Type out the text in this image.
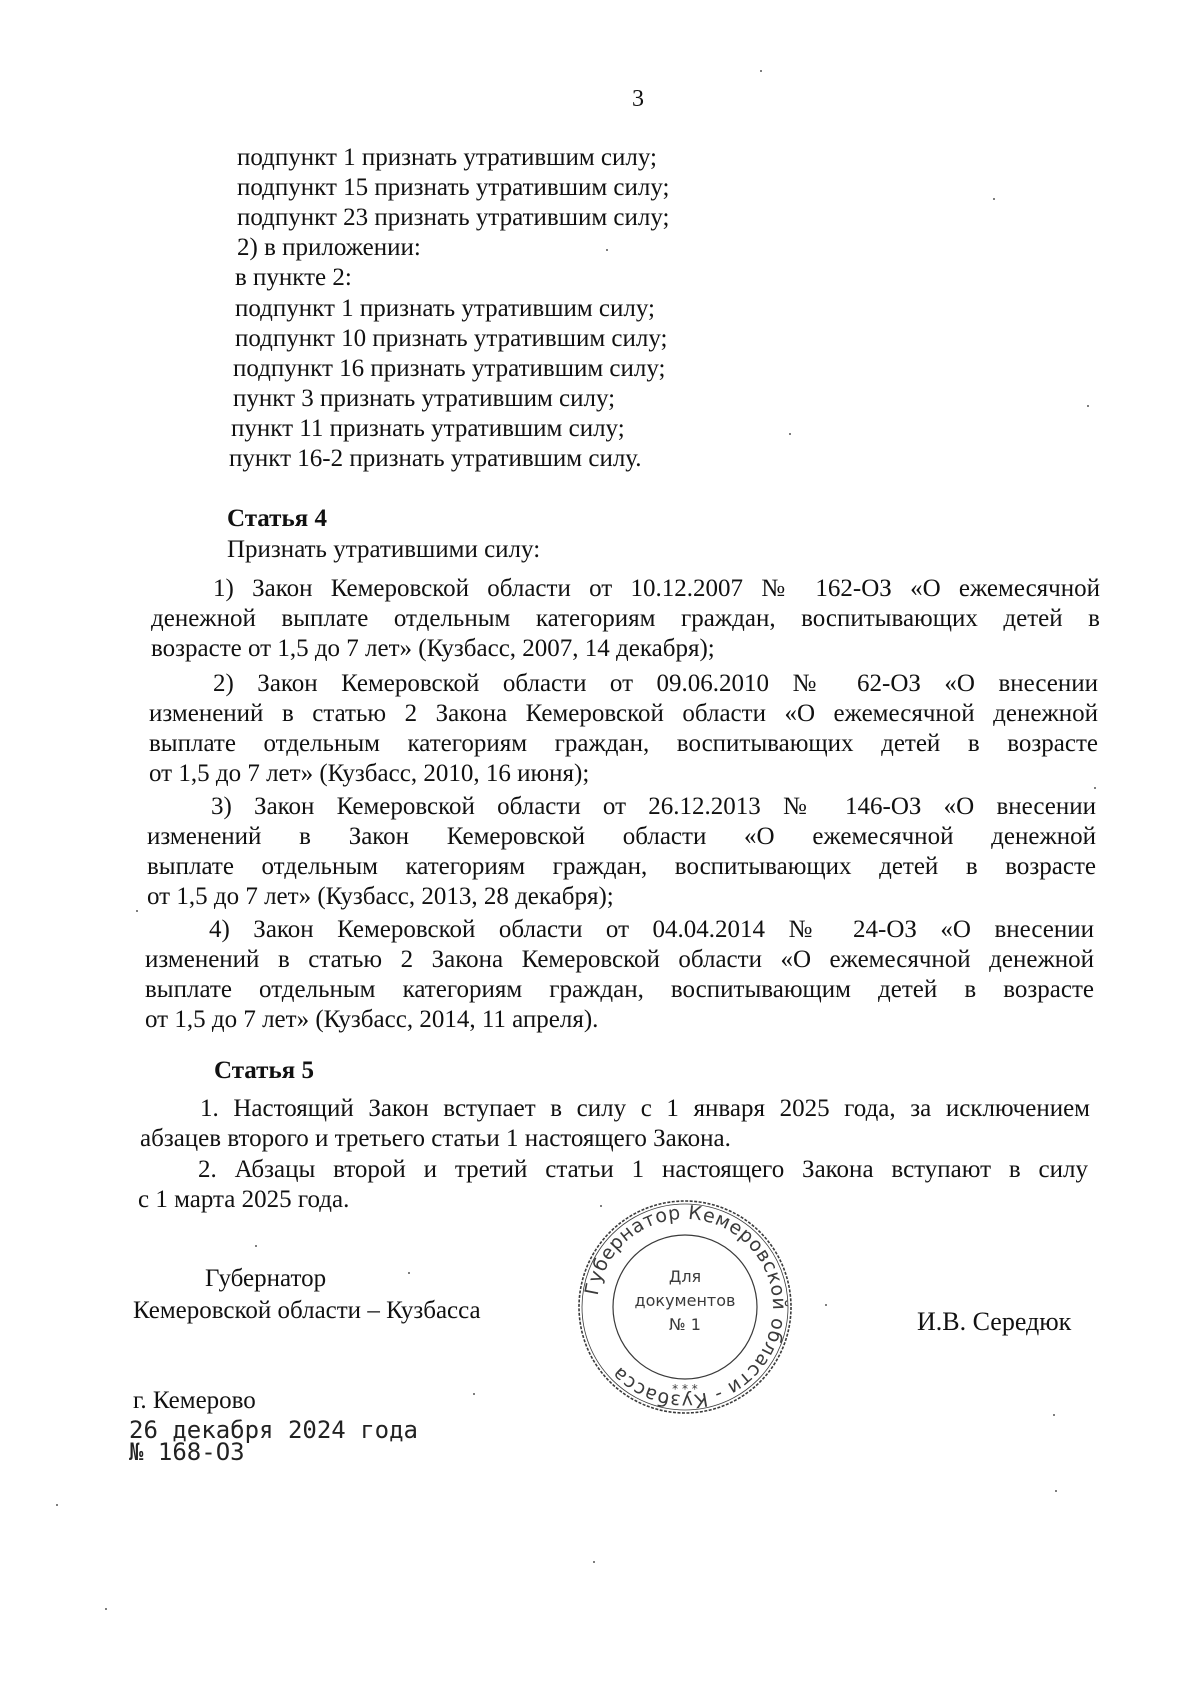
3
подпункт 1 признать утратившим силу;
подпункт 15 признать утратившим силу;
подпункт 23 признать утратившим силу;
2) в приложении:
в пункте 2:
подпункт 1 признать утратившим силу;
подпункт 10 признать утратившим силу;
подпункт 16 признать утратившим силу;
пункт 3 признать утратившим силу;
пункт 11 признать утратившим силу;
пункт 16-2 признать утратившим силу.
Статья 4
Признать утратившими силу:
1) Закон Кемеровской области от 10.12.2007 № 162-ОЗ «О ежемесячной
денежной выплате отдельным категориям граждан, воспитывающих детей в
возрасте от 1,5 до 7 лет» (Кузбасс, 2007, 14 декабря);
2) Закон Кемеровской области от 09.06.2010 № 62-ОЗ «О внесении
изменений в статью 2 Закона Кемеровской области «О ежемесячной денежной
выплате отдельным категориям граждан, воспитывающих детей в возрасте
от 1,5 до 7 лет» (Кузбасс, 2010, 16 июня);
3) Закон Кемеровской области от 26.12.2013 № 146-ОЗ «О внесении
изменений в Закон Кемеровской области «О ежемесячной денежной
выплате отдельным категориям граждан, воспитывающих детей в возрасте
от 1,5 до 7 лет» (Кузбасс, 2013, 28 декабря);
4) Закон Кемеровской области от 04.04.2014 № 24-ОЗ «О внесении
изменений в статью 2 Закона Кемеровской области «О ежемесячной денежной
выплате отдельным категориям граждан, воспитывающим детей в возрасте
от 1,5 до 7 лет» (Кузбасс, 2014, 11 апреля).
Статья 5
1. Настоящий Закон вступает в силу с 1 января 2025 года, за исключением
абзацев второго и третьего статьи 1 настоящего Закона.
2. Абзацы второй и третий статьи 1 настоящего Закона вступают в силу
с 1 марта 2025 года.
Губернатор
Кемеровской области – Кузбасса	И.В. Середюк
Губернатор Кемеровской области - Кузбасса
Для
документов
№ 1
* * *
г. Кемерово
26 декабря 2024 года
№ 168-ОЗ
